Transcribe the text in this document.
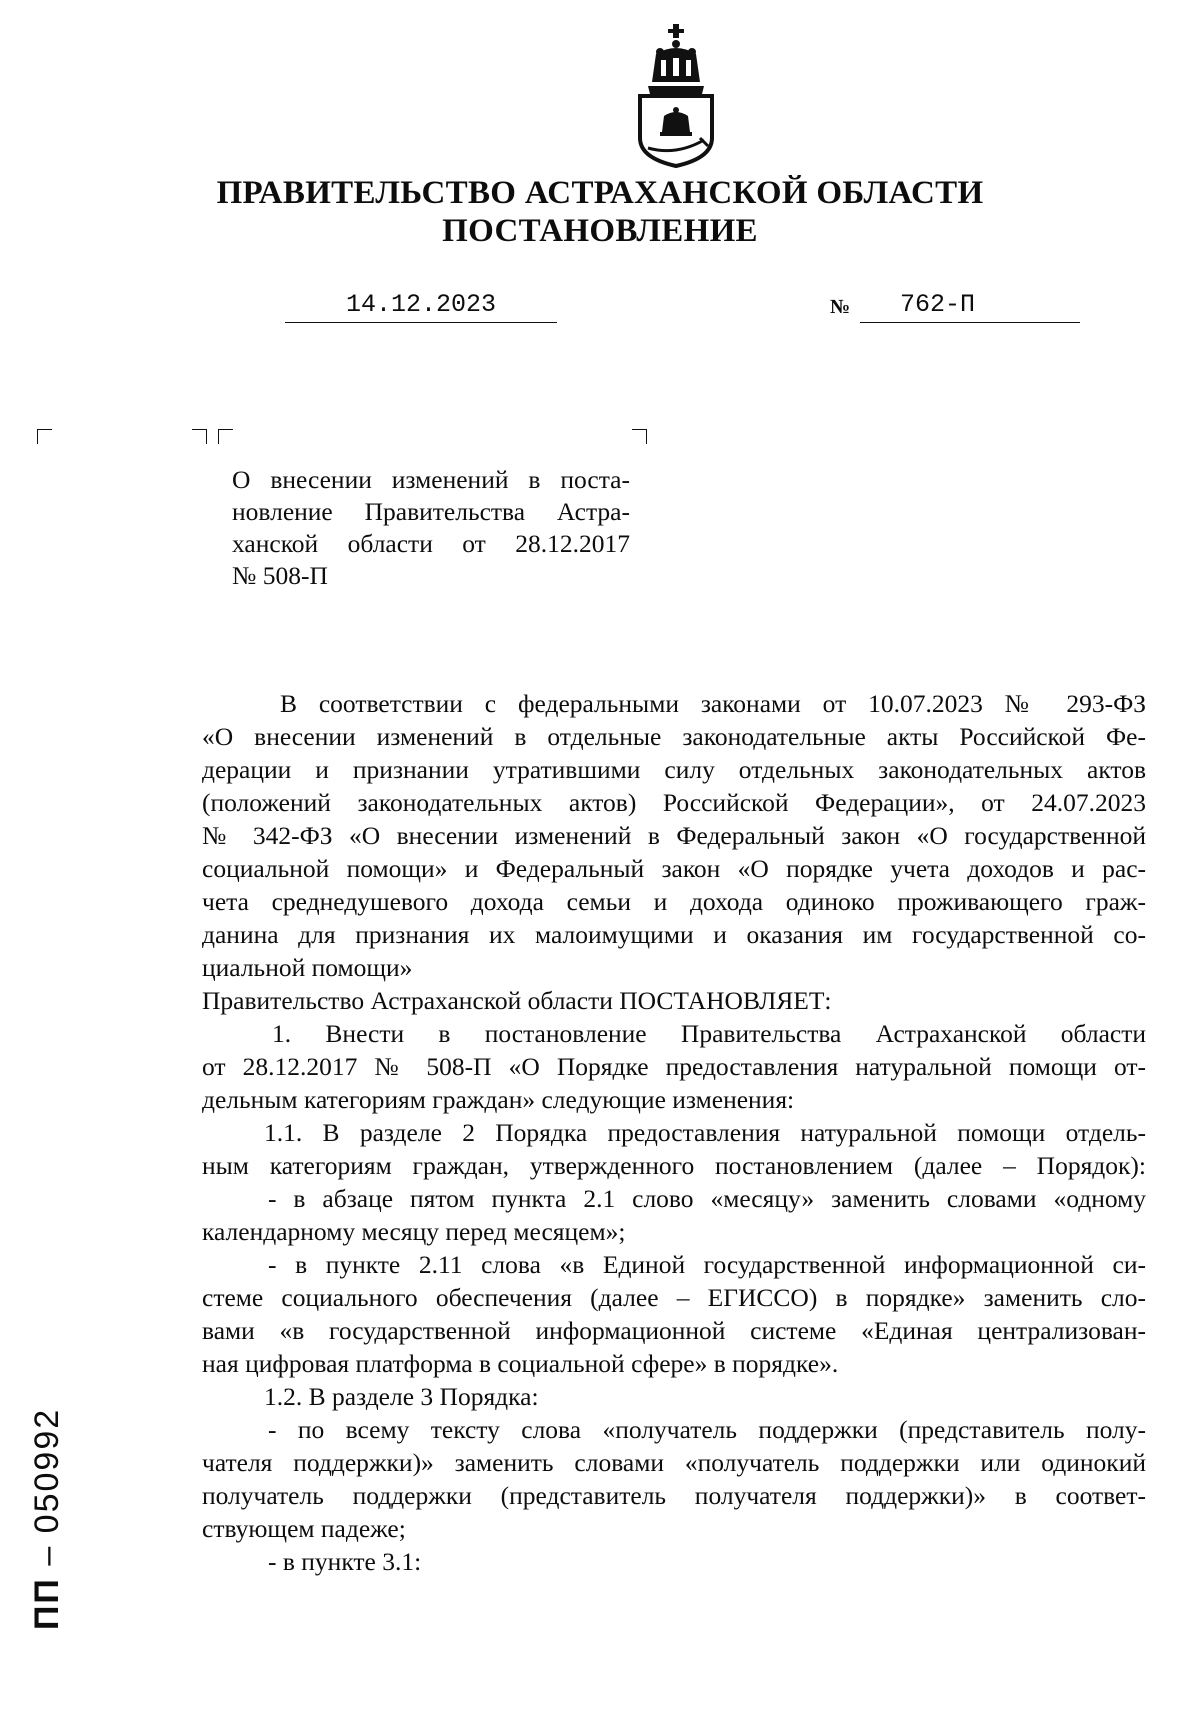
ПРАВИТЕЛЬСТВО АСТРАХАНСКОЙ ОБЛАСТИ
ПОСТАНОВЛЕНИЕ
14.12.2023	№	762-П
О внесении изменений в поста-
новление Правительства Астра-
ханской области от 28.12.2017
№ 508-П
В соответствии с федеральными законами от 10.07.2023 № 293-ФЗ
«О внесении изменений в отдельные законодательные акты Российской Фе-
дерации и признании утратившими силу отдельных законодательных актов
(положений законодательных актов) Российской Федерации», от 24.07.2023
№ 342-ФЗ «О внесении изменений в Федеральный закон «О государственной
социальной помощи» и Федеральный закон «О порядке учета доходов и рас-
чета среднедушевого дохода семьи и дохода одиноко проживающего граж-
данина для признания их малоимущими и оказания им государственной со-
циальной помощи»
Правительство Астраханской области ПОСТАНОВЛЯЕТ:
1. Внести в постановление Правительства Астраханской области
от 28.12.2017 № 508-П «О Порядке предоставления натуральной помощи от-
дельным категориям граждан» следующие изменения:
1.1. В разделе 2 Порядка предоставления натуральной помощи отдель-
ным категориям граждан, утвержденного постановлением (далее – Порядок):
- в абзаце пятом пункта 2.1 слово «месяцу» заменить словами «одному
календарному месяцу перед месяцем»;
- в пункте 2.11 слова «в Единой государственной информационной си-
стеме социального обеспечения (далее – ЕГИССО) в порядке» заменить сло-
вами «в государственной информационной системе «Единая централизован-
ная цифровая платформа в социальной сфере» в порядке».
1.2. В разделе 3 Порядка:
- по всему тексту слова «получатель поддержки (представитель полу-
чателя поддержки)» заменить словами «получатель поддержки или одинокий
получатель поддержки (представитель получателя поддержки)» в соответ-
ствующем падеже;
- в пункте 3.1:
ПП – 050992
